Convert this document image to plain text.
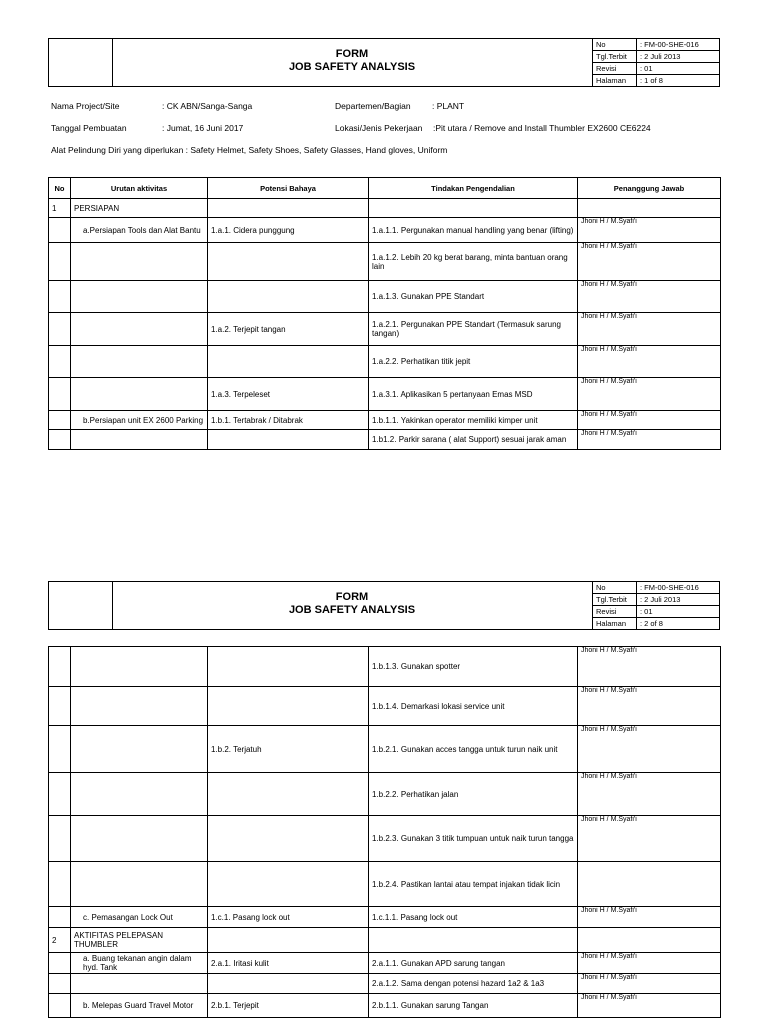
FORM
JOB SAFETY ANALYSIS
No	: FM-00-SHE-016
Tgl.Terbit	: 2 Juli 2013
Revisi	: 01
Halaman	: 1 of 8
Nama Project/Site	: CK ABN/Sanga-Sanga	Departemen/Bagian	: PLANT
Tanggal Pembuatan	: Jumat, 16 Juni 2017	Lokasi/Jenis Pekerjaan :Pit utara / Remove and Install Thumbler EX2600 CE6224
Alat Pelindung Diri yang diperlukan : Safety Helmet, Safety Shoes, Safety Glasses, Hand gloves, Uniform
No	Urutan aktivitas	Potensi Bahaya	Tindakan Pengendalian	Penanggung Jawab
1	PERSIAPAN			
	a.Persiapan Tools dan Alat Bantu	1.a.1. Cidera punggung	1.a.1.1. Pergunakan manual handling yang benar (lifting)	Jhoni H / M.Syafi'i
			1.a.1.2. Lebih 20 kg berat barang, minta bantuan orang lain	Jhoni H / M.Syafi'i
			1.a.1.3. Gunakan PPE Standart	Jhoni H / M.Syafi'i
		1.a.2. Terjepit tangan	1.a.2.1. Pergunakan PPE Standart (Termasuk sarung tangan)	Jhoni H / M.Syafi'i
			1.a.2.2. Perhatikan titik jepit	Jhoni H / M.Syafi'i
		1.a.3. Terpeleset	1.a.3.1. Aplikasikan 5 pertanyaan Emas MSD	Jhoni H / M.Syafi'i
	b.Persiapan unit EX 2600 Parking	1.b.1. Tertabrak / Ditabrak	1.b.1.1. Yakinkan operator memiliki kimper unit	Jhoni H / M.Syafi'i
			1.b1.2. Parkir sarana ( alat Support) sesuai jarak aman	Jhoni H / M.Syafi'i
FORM
JOB SAFETY ANALYSIS
No	: FM-00-SHE-016
Tgl.Terbit	: 2 Juli 2013
Revisi	: 01
Halaman	: 2 of 8
			1.b.1.3. Gunakan spotter	Jhoni H / M.Syafi'i
			1.b.1.4. Demarkasi lokasi service unit	Jhoni H / M.Syafi'i
		1.b.2. Terjatuh	1.b.2.1. Gunakan acces tangga untuk turun naik unit	Jhoni H / M.Syafi'i
			1.b.2.2. Perhatikan jalan	Jhoni H / M.Syafi'i
			1.b.2.3. Gunakan 3 titik tumpuan untuk naik turun tangga	Jhoni H / M.Syafi'i
			1.b.2.4. Pastikan lantai atau tempat injakan tidak licin	
	c. Pemasangan Lock Out	1.c.1. Pasang lock out	1.c.1.1. Pasang lock out	Jhoni H / M.Syafi'i
2	AKTIFITAS PELEPASAN THUMBLER			
	a. Buang tekanan angin dalam hyd. Tank	2.a.1. Iritasi kulit	2.a.1.1. Gunakan APD sarung tangan	Jhoni H / M.Syafi'i
			2.a.1.2. Sama dengan potensi hazard 1a2 & 1a3	Jhoni H / M.Syafi'i
	b. Melepas Guard Travel Motor	2.b.1. Terjepit	2.b.1.1. Gunakan sarung Tangan	Jhoni H / M.Syafi'i
